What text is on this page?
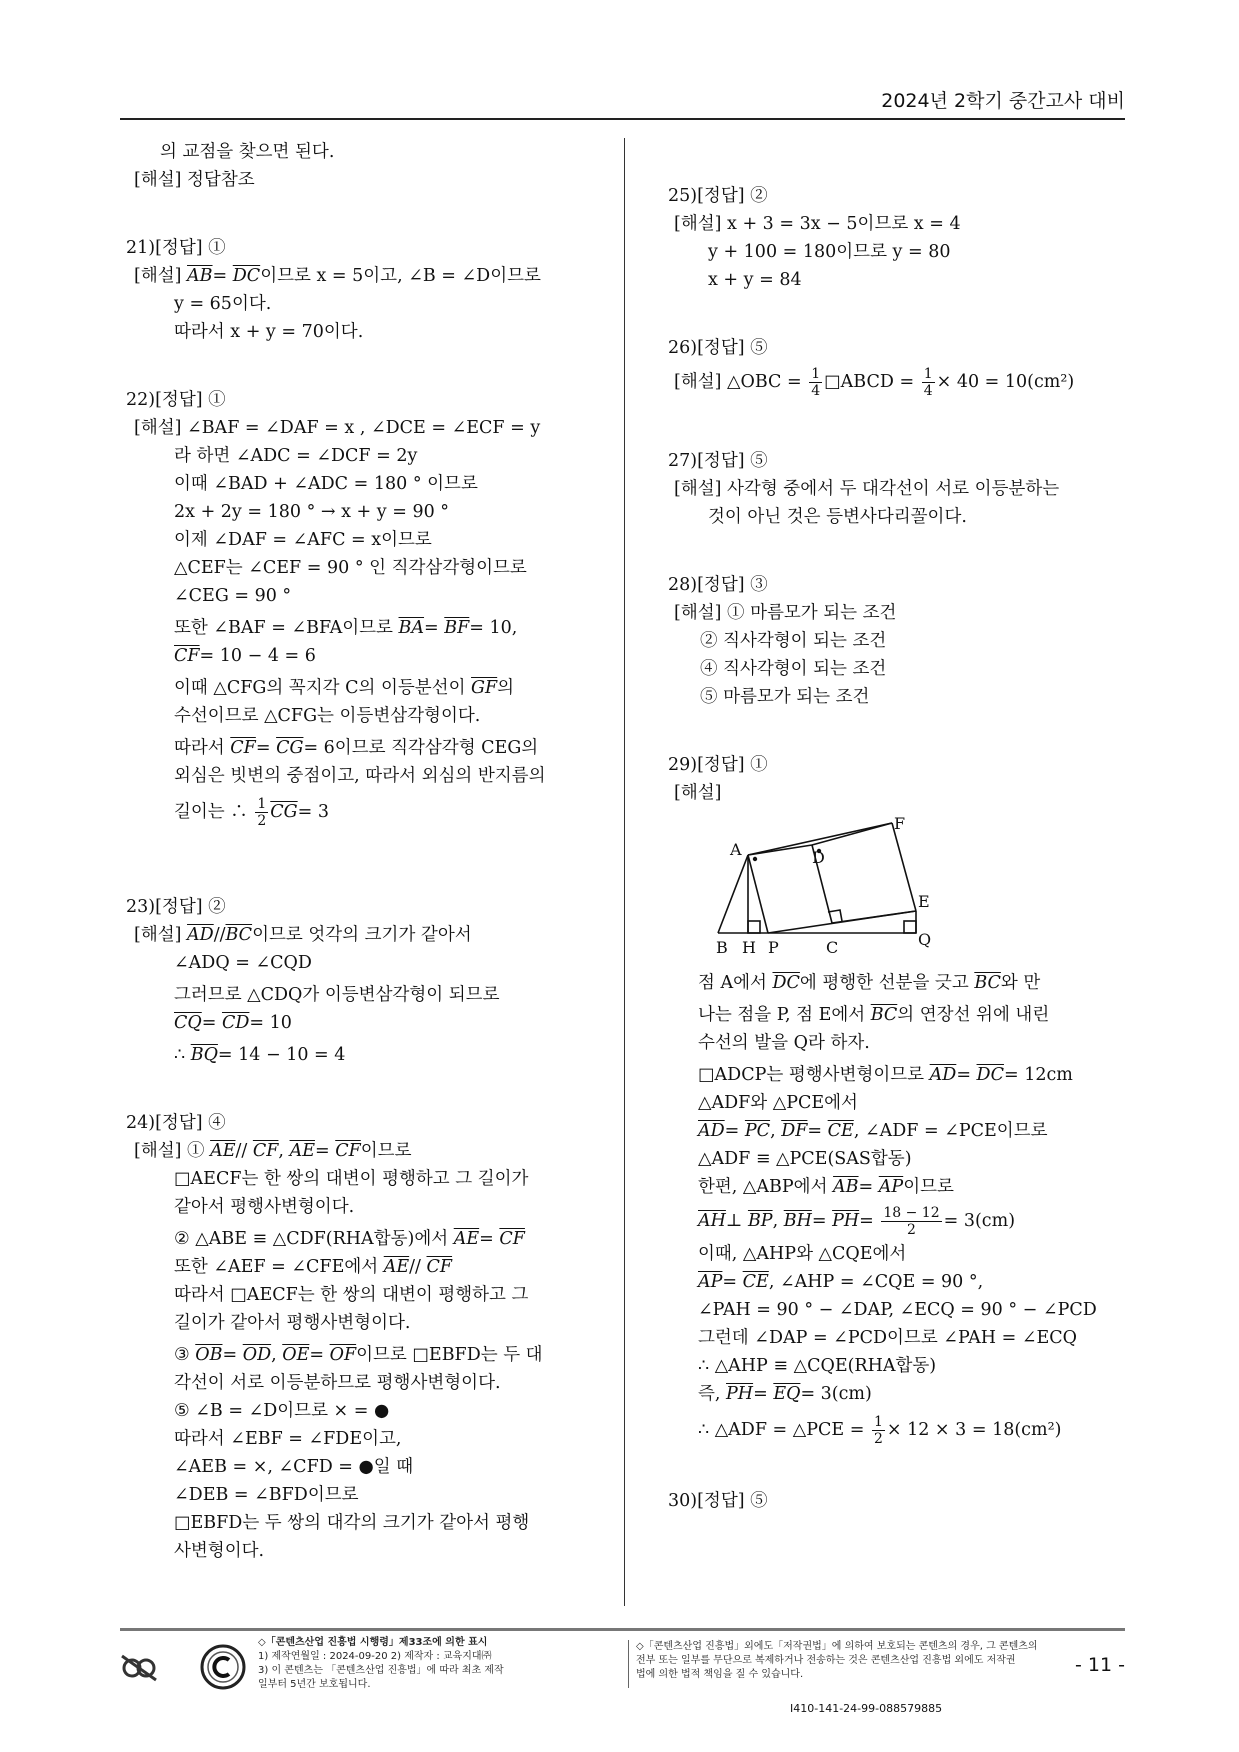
2024년 2학기 중간고사 대비
의 교점을 찾으면 된다.
[해설] 정답참조
21)[정답] ①
[해설] $\overline{AB}= \overline{DC}$이므로 x = 5이고, ∠B = ∠D이므로
y = 65이다.
따라서 x + y = 70이다.
22)[정답] ①
[해설] ∠BAF = ∠DAF = x , ∠DCE = ∠ECF = y
라 하면 ∠ADC = ∠DCF = 2y
이때 ∠BAD + ∠ADC = 180 ° 이므로
2x + 2y = 180 ° → x + y = 90 °
이제 ∠DAF = ∠AFC = x이므로
△CEF는 ∠CEF = 90 ° 인 직각삼각형이므로
∠CEG = 90 °
또한 ∠BAF = ∠BFA이므로 $\overline{BA}= \overline{BF}= 10$,
$\overline{CF}= 10 - 4 = 6$
이때 △CFG의 꼭지각 C의 이등분선이 $\overline{GF}$의
수선이므로 △CFG는 이등변삼각형이다.
따라서 $\overline{CF}= \overline{CG}= 6$이므로 직각삼각형 CEG의
외심은 빗변의 중점이고, 따라서 외심의 반지름의
길이는 ∴ $\frac{1}{2} \overline{CG}= 3$
23)[정답] ②
[해설] $\overline{AD}//\overline{BC}$이므로 엇각의 크기가 같아서
∠ADQ = ∠CQD
그러므로 △CDQ가 이등변삼각형이 되므로
$\overline{CQ}= \overline{CD}= 10$
∴ $\overline{BQ}= 14 - 10 = 4$
24)[정답] ④
[해설] ① $\overline{AE}//$ $\overline{CF}$, $\overline{AE}= \overline{CF}$이므로
□AECF는 한 쌍의 대변이 평행하고 그 길이가
같아서 평행사변형이다.
② △ABE ≡ △CDF(RHA합동)에서 $\overline{AE}= \overline{CF}$
또한 ∠AEF = ∠CFE에서 $\overline{AE}//$ $\overline{CF}$
따라서 □AECF는 한 쌍의 대변이 평행하고 그
길이가 같아서 평행사변형이다.
③ $\overline{OB}= \overline{OD}$, $\overline{OE}= \overline{OF}$이므로 □EBFD는 두 대
각선이 서로 이등분하므로 평행사변형이다.
⑤ ∠B = ∠D이므로 × = ●
따라서 ∠EBF = ∠FDE이고,
∠AEB = ×, ∠CFD = ●일 때
∠DEB = ∠BFD이므로
□EBFD는 두 쌍의 대각의 크기가 같아서 평행
사변형이다.
25)[정답] ②
[해설] x + 3 = 3x − 5이므로 x = 4
y + 100 = 180이므로 y = 80
x + y = 84
26)[정답] ⑤
[해설] △OBC = $\frac{1}{4}$ □ABCD = $\frac{1}{4} \times 40 = 10(cm^2)$
27)[정답] ⑤
[해설] 사각형 중에서 두 대각선이 서로 이등분하는
것이 아닌 것은 등변사다리꼴이다.
28)[정답] ③
[해설] ① 마름모가 되는 조건
② 직사각형이 되는 조건
④ 직사각형이 되는 조건
⑤ 마름모가 되는 조건
29)[정답] ①
[해설]
A
B H P	C
D
E
F
Q
점 A에서 $\overline{DC}$에 평행한 선분을 긋고 $\overline{BC}$와 만
나는 점을 P, 점 E에서 $\overline{BC}$의 연장선 위에 내린
수선의 발을 Q라 하자.
□ADCP는 평행사변형이므로 $\overline{AD}= \overline{DC}= 12cm$
△ADF와 △PCE에서
$\overline{AD}= \overline{PC}$, $\overline{DF}= \overline{CE}$, ∠ADF = ∠PCE이므로
△ADF ≡ △PCE(SAS합동)
한편, △ABP에서 $\overline{AB}= \overline{AP}$이므로
$\overline{AH}\perp$ $\overline{BP}$, $\overline{BH}= \overline{PH}= \frac{18 - 12}{2} = 3(cm)$
이때, △AHP와 △CQE에서
$\overline{AP}= \overline{CE}$, ∠AHP = ∠CQE = 90 °,
∠PAH = 90 ° − ∠DAP, ∠ECQ = 90 ° − ∠PCD
그런데 ∠DAP = ∠PCD이므로 ∠PAH = ∠ECQ
∴ △AHP ≡ △CQE(RHA합동)
즉, $\overline{PH}= \overline{EQ}= 3(cm)$
∴ △ADF = △PCE = $\frac{1}{2} \times 12 \times 3 = 18(cm^2)$
30)[정답] ⑤
◇「콘텐츠산업 진흥법 시행령」제33조에 의한 표시
1) 제작연월일 : 2024-09-20 2) 제작자 : 교육지대㈜
3) 이 콘텐츠는 「콘텐츠산업 진흥법」에 따라 최초 제작
일부터 5년간 보호됩니다.
◇「콘텐츠산업 진흥법」외에도「저작권법」에 의하여 보호되는 콘텐츠의 경우, 그 콘텐츠의
전부 또는 일부를 무단으로 복제하거나 전송하는 것은 콘텐츠산업 진흥법 외에도 저작권
법에 의한 법적 책임을 질 수 있습니다.	- 11 -
I410-141-24-99-088579885
